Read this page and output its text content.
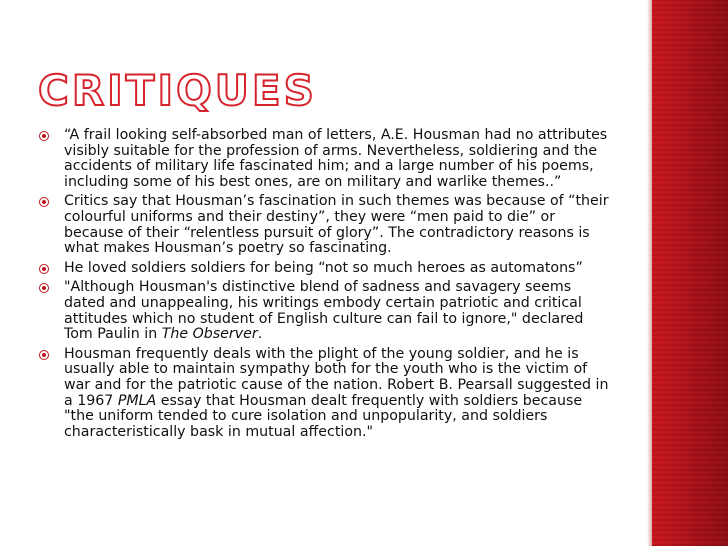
CRITIQUES
“A frail looking self-absorbed man of letters, A.E. Housman had no attributes visibly suitable for the profession of arms. Nevertheless, soldiering and the accidents of military life fascinated him; and a large number of his poems, including some of his best ones, are on military and warlike themes..”
Critics say that Housman’s fascination in such themes was because of “their colourful uniforms and their destiny”, they were “men paid to die” or because of their “relentless pursuit of glory”. The contradictory reasons is what makes Housman’s poetry so fascinating.
He loved soldiers soldiers for being “not so much heroes as automatons”
"Although Housman's distinctive blend of sadness and savagery seems dated and unappealing, his writings embody certain patriotic and critical attitudes which no student of English culture can fail to ignore," declared Tom Paulin in The Observer.
Housman frequently deals with the plight of the young soldier, and he is usually able to maintain sympathy both for the youth who is the victim of war and for the patriotic cause of the nation. Robert B. Pearsall suggested in a 1967 PMLA essay that Housman dealt frequently with soldiers because "the uniform tended to cure isolation and unpopularity, and soldiers characteristically bask in mutual affection."
